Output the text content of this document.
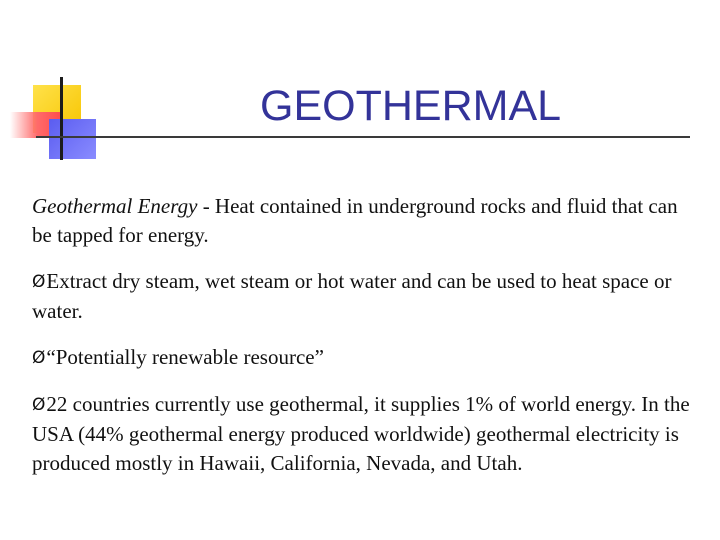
GEOTHERMAL

Geothermal Energy - Heat contained in underground rocks and fluid that can be tapped for energy.

ØExtract dry steam, wet steam or hot water and can be used to heat space or water.

Ø“Potentially renewable resource”

Ø22 countries currently use geothermal, it supplies 1% of world energy. In the USA (44% geothermal energy produced worldwide) geothermal electricity is produced mostly in Hawaii, California, Nevada, and Utah.
